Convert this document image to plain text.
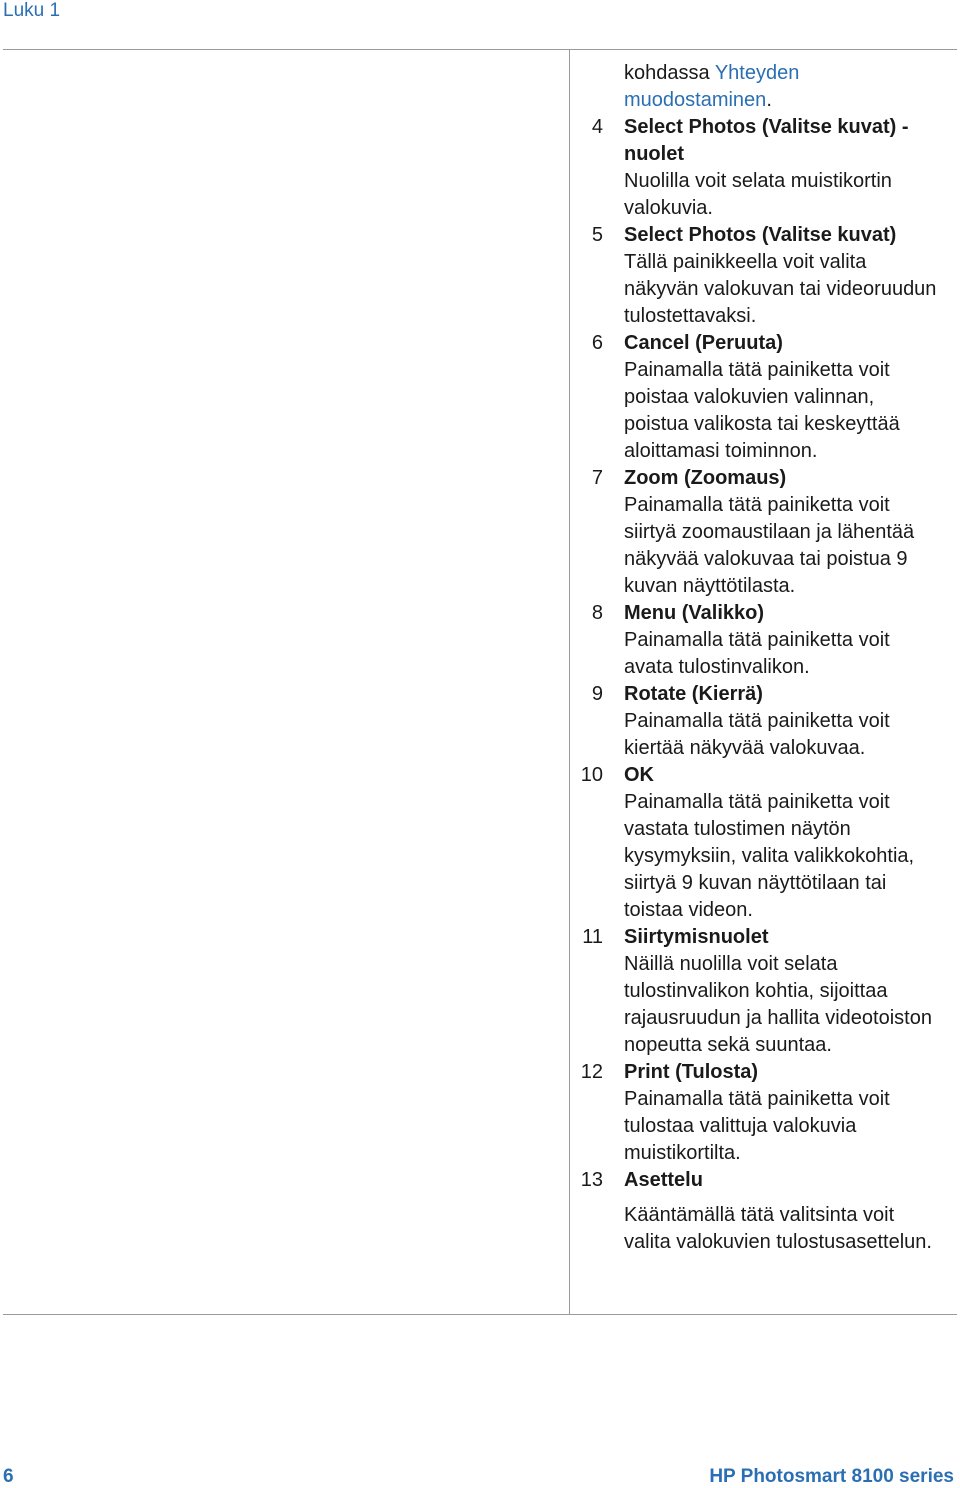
Luku 1
kohdassa Yhteyden muodostaminen.
4 Select Photos (Valitse kuvat) -nuolet
Nuolilla voit selata muistikortin valokuvia.
5 Select Photos (Valitse kuvat)
Tällä painikkeella voit valita näkyvän valokuvan tai videoruudun tulostettavaksi.
6 Cancel (Peruuta)
Painamalla tätä painiketta voit poistaa valokuvien valinnan, poistua valikosta tai keskeyttää aloittamasi toiminnon.
7 Zoom (Zoomaus)
Painamalla tätä painiketta voit siirtyä zoomaustilaan ja lähentää näkyvää valokuvaa tai poistua 9 kuvan näyttötilasta.
8 Menu (Valikko)
Painamalla tätä painiketta voit avata tulostinvalikon.
9 Rotate (Kierrä)
Painamalla tätä painiketta voit kiertää näkyvää valokuvaa.
10 OK
Painamalla tätä painiketta voit vastata tulostimen näytön kysymyksiin, valita valikkokohtia, siirtyä 9 kuvan näyttötilaan tai toistaa videon.
11 Siirtymisnuolet
Näillä nuolilla voit selata tulostinvalikon kohtia, sijoittaa rajausruudun ja hallita videotoiston nopeutta sekä suuntaa.
12 Print (Tulosta)
Painamalla tätä painiketta voit tulostaa valittuja valokuvia muistikortilta.
13 Asettelu
Kääntämällä tätä valitsinta voit valita valokuvien tulostusasettelun.
6	HP Photosmart 8100 series
